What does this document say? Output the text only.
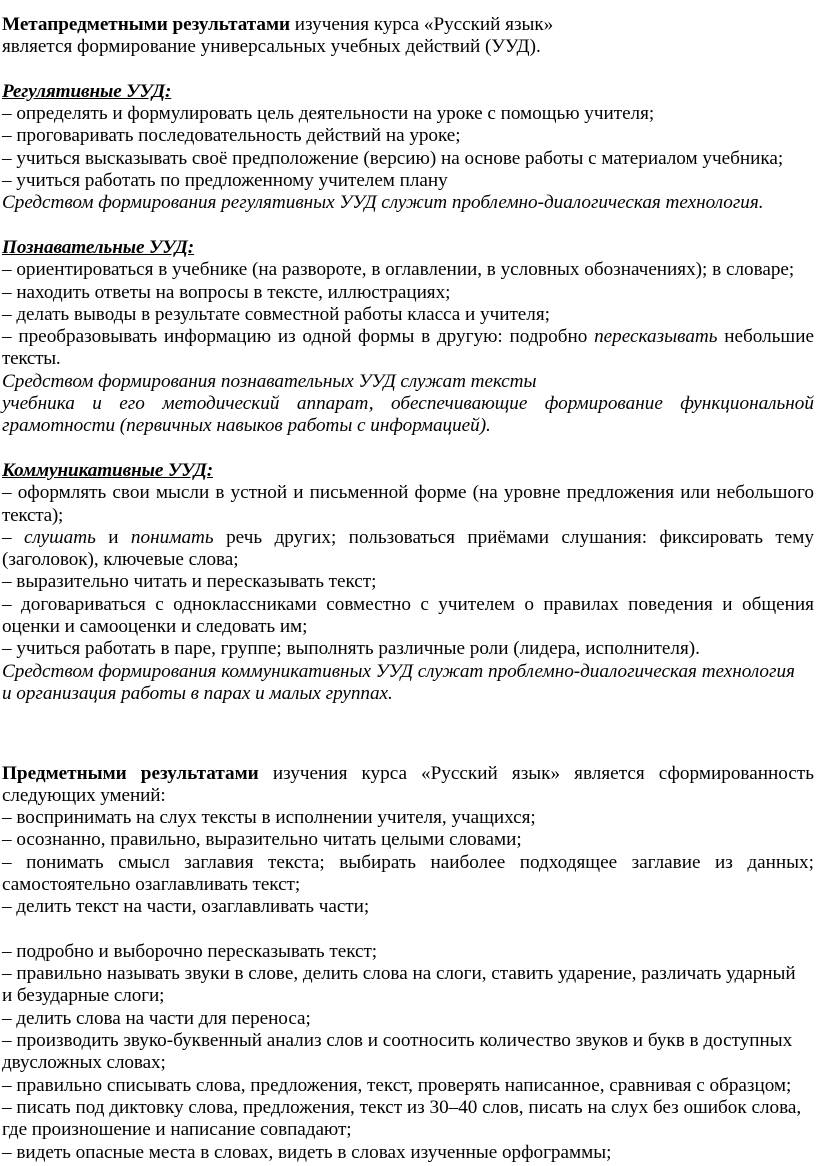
Метапредметными результатами изучения курса «Русский язык»
является формирование универсальных учебных действий (УУД).
Регулятивные УУД:
– определять и формулировать цель деятельности на уроке с помощью учителя;
– проговаривать последовательность действий на уроке;
– учиться высказывать своё предположение (версию) на основе работы с материалом учебника;
– учиться работать по предложенному учителем плану
Средством формирования регулятивных УУД служит проблемно-диалогическая технология.
Познавательные УУД:
– ориентироваться в учебнике (на развороте, в оглавлении, в условных обозначениях); в словаре;
– находить ответы на вопросы в тексте, иллюстрациях;
– делать выводы в результате совместной работы класса и учителя;
– преобразовывать информацию из одной формы в другую: подробно пересказывать небольшие
тексты.
Средством формирования познавательных УУД служат тексты
учебника и его методический аппарат, обеспечивающие формирование функциональной
грамотности (первичных навыков работы с информацией).
Коммуникативные УУД:
– оформлять свои мысли в устной и письменной форме (на уровне предложения или небольшого
текста);
– слушать и понимать речь других; пользоваться приёмами слушания: фиксировать тему
(заголовок), ключевые слова;
– выразительно читать и пересказывать текст;
– договариваться с одноклассниками совместно с учителем о правилах поведения и общения
оценки и самооценки и следовать им;
– учиться работать в паре, группе; выполнять различные роли (лидера, исполнителя).
Средством формирования коммуникативных УУД служат проблемно-диалогическая технология
и организация работы в парах и малых группах.
Предметными результатами изучения курса «Русский язык» является сформированность
следующих умений:
– воспринимать на слух тексты в исполнении учителя, учащихся;
– осознанно, правильно, выразительно читать целыми словами;
– понимать смысл заглавия текста; выбирать наиболее подходящее заглавие из данных;
самостоятельно озаглавливать текст;
– делить текст на части, озаглавливать части;
– подробно и выборочно пересказывать текст;
– правильно называть звуки в слове, делить слова на слоги, ставить ударение, различать ударный
и безударные слоги;
– делить слова на части для переноса;
– производить звуко-буквенный анализ слов и соотносить количество звуков и букв в доступных
двусложных словах;
– правильно списывать слова, предложения, текст, проверять написанное, сравнивая с образцом;
– писать под диктовку слова, предложения, текст из 30–40 слов, писать на слух без ошибок слова,
где произношение и написание совпадают;
– видеть опасные места в словах, видеть в словах изученные орфограммы;
